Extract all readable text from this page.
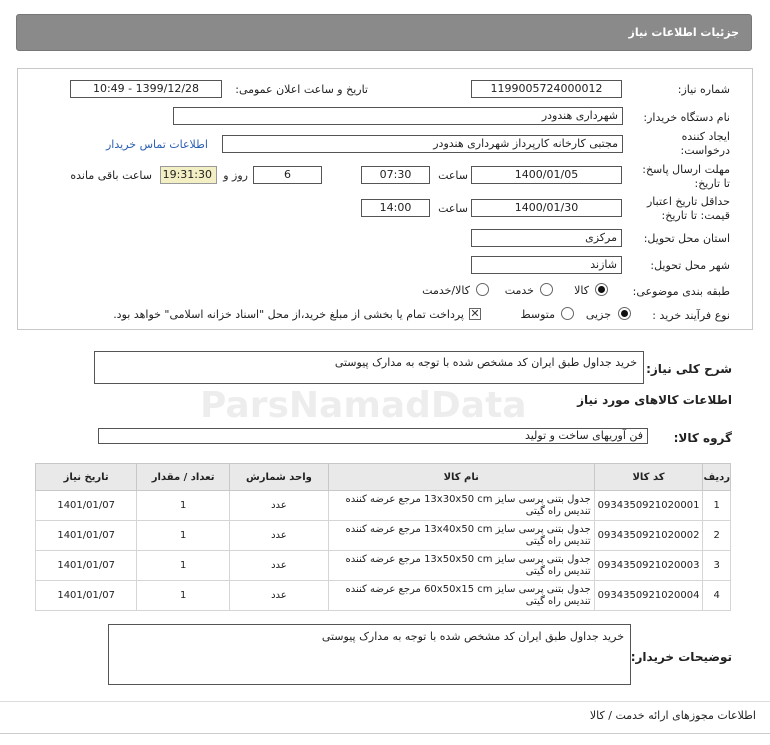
جزئیات اطلاعات نیاز
شماره نیاز:
1199005724000012
تاریخ و ساعت اعلان عمومی:
1399/12/28 - 10:49
نام دستگاه خریدار:
شهرداری هندودر
ایجاد کننده درخواست:
مجتبی کارخانه کارپرداز شهرداری هندودر
اطلاعات تماس خریدار
مهلت ارسال پاسخ: تا تاریخ:
1400/01/05
ساعت
07:30
6
روز و
19:31:30
ساعت باقی مانده
حداقل تاریخ اعتبار قیمت: تا تاریخ:
1400/01/30
ساعت
14:00
استان محل تحویل:
مرکزی
شهر محل تحویل:
شازند
طبقه بندی موضوعی:
کالا
خدمت
کالا/خدمت
نوع فرآیند خرید :
جزیی
متوسط
✕
پرداخت تمام یا بخشی از مبلغ خرید،از محل "اسناد خزانه اسلامی" خواهد بود.
شرح کلی نیاز:
خرید جداول طبق ایران کد مشخص شده با توجه به مدارک پیوستی
ParsNamadData	اطلاعات کالاهای مورد نیاز
گروه کالا:
فن آوریهای ساخت و تولید
ردیف	کد کالا	نام کالا	واحد شمارش	تعداد / مقدار	تاریخ نیاز
1	0934350921020001	جدول بتنی پرسی سایز 13x30x50 cm مرجع عرضه کننده تندیس راه گیتی	عدد	1	1401/01/07
2	0934350921020002	جدول بتنی پرسی سایز 13x40x50 cm مرجع عرضه کننده تندیس راه گیتی	عدد	1	1401/01/07
3	0934350921020003	جدول بتنی پرسی سایز 13x50x50 cm مرجع عرضه کننده تندیس راه گیتی	عدد	1	1401/01/07
4	0934350921020004	جدول بتنی پرسی سایز 60x50x15 cm مرجع عرضه کننده تندیس راه گیتی	عدد	1	1401/01/07
توضیحات خریدار:
خرید جداول طبق ایران کد مشخص شده با توجه به مدارک پیوستی
اطلاعات مجوزهای ارائه خدمت / کالا
